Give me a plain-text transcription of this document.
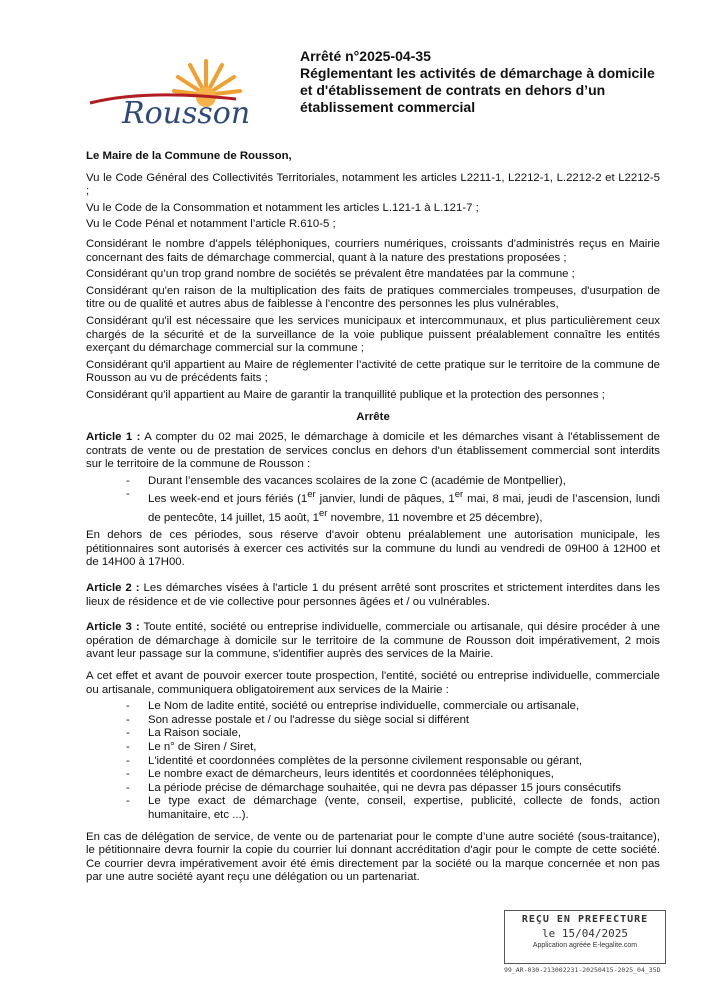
Rousson
Arrêté n°2025-04-35
Réglementant les activités de démarchage à domicile
et d'établissement de contrats en dehors d’un
établissement commercial

Le Maire de la Commune de Rousson,

Vu le Code Général des Collectivités Territoriales, notamment les articles L2211-1, L2212-1, L.2212-2 et L2212-5 ;

Vu le Code de la Consommation et notamment les articles L.121-1 à L.121-7 ;

Vu le Code Pénal et notamment l’article R.610-5 ;

Considérant le nombre d'appels téléphoniques, courriers numériques, croissants d'administrés reçus en Mairie concernant des faits de démarchage commercial, quant à la nature des prestations proposées ;

Considérant qu’un trop grand nombre de sociétés se prévalent être mandatées par la commune ;

Considérant qu'en raison de la multiplication des faits de pratiques commerciales trompeuses, d'usurpation de titre ou de qualité et autres abus de faiblesse à l'encontre des personnes les plus vulnérables,

Considérant qu'il est nécessaire que les services municipaux et intercommunaux, et plus particulièrement ceux chargés de la sécurité et de la surveillance de la voie publique puissent préalablement connaître les entités exerçant du démarchage commercial sur la commune ;

Considérant qu'il appartient au Maire de réglementer l’activité de cette pratique sur le territoire de la commune de Rousson au vu de précédents faits ;

Considérant qu'il appartient au Maire de garantir la tranquillité publique et la protection des personnes ;

Arrête

Article 1 : A compter du 02 mai 2025, le démarchage à domicile et les démarches visant à l'établissement de contrats de vente ou de prestation de services conclus en dehors d'un établissement commercial sont interdits sur le territoire de la commune de Rousson :

- Durant l’ensemble des vacances scolaires de la zone C (académie de Montpellier),
- Les week-end et jours fériés (1er janvier, lundi de pâques, 1er mai, 8 mai, jeudi de l’ascension, lundi de pentecôte, 14 juillet, 15 août, 1er novembre, 11 novembre et 25 décembre),

En dehors de ces périodes, sous réserve d'avoir obtenu préalablement une autorisation municipale, les pétitionnaires sont autorisés à exercer ces activités sur la commune du lundi au vendredi de 09H00 à 12H00 et de 14H00 à 17H00.

Article 2 : Les démarches visées à l'article 1 du présent arrêté sont proscrites et strictement interdites dans les lieux de résidence et de vie collective pour personnes âgées et / ou vulnérables.

Article 3 : Toute entité, société ou entreprise individuelle, commerciale ou artisanale, qui désire procéder à une opération de démarchage à domicile sur le territoire de la commune de Rousson doit impérativement, 2 mois avant leur passage sur la commune, s'identifier auprès des services de la Mairie.

A cet effet et avant de pouvoir exercer toute prospection, l'entité, société ou entreprise individuelle, commerciale ou artisanale, communiquera obligatoirement aux services de la Mairie :

- Le Nom de ladite entité, société ou entreprise individuelle, commerciale ou artisanale,
- Son adresse postale et / ou l'adresse du siège social si différent
- La Raison sociale,
- Le n° de Siren / Siret,
- L'identité et coordonnées complètes de la personne civilement responsable ou gérant,
- Le nombre exact de démarcheurs, leurs identités et coordonnées téléphoniques,
- La période précise de démarchage souhaitée, qui ne devra pas dépasser 15 jours consécutifs
- Le type exact de démarchage (vente, conseil, expertise, publicité, collecte de fonds, action humanitaire, etc ...).

En cas de délégation de service, de vente ou de partenariat pour le compte d’une autre société (sous-traitance), le pétitionnaire devra fournir la copie du courrier lui donnant accréditation d'agir pour le compte de cette société. Ce courrier devra impérativement avoir été émis directement par la société ou la marque concernée et non pas par une autre société ayant reçu une délégation ou un partenariat.

REÇU EN PREFECTURE
le 15/04/2025
Application agréée E-legalite.com
99_AR-030-213002231-20250415-2025_04_35D
